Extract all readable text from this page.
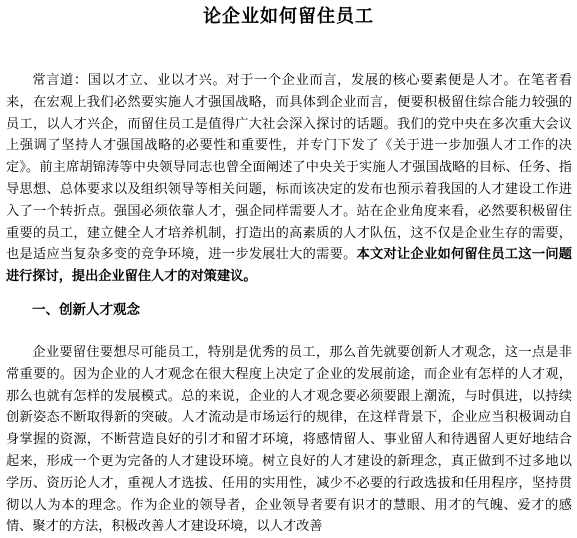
论企业如何留住员工

常言道：国以才立、业以才兴。对于一个企业而言，发展的核心要素便是人才。在笔者看来，在宏观上我们必然要实施人才强国战略，而具体到企业而言，便要积极留住综合能力较强的员工，以人才兴企，而留住员工是值得广大社会深入探讨的话题。我们的党中央在多次重大会议上强调了坚持人才强国战略的必要性和重要性，并专门下发了《关于进一步加强人才工作的决定》。前主席胡锦涛等中央领导同志也曾全面阐述了中央关于实施人才强国战略的目标、任务、指导思想、总体要求以及组织领导等相关问题，标而该决定的发布也预示着我国的人才建设工作进入了一个转折点。强国必须依靠人才，强企同样需要人才。站在企业角度来看，必然要积极留住重要的员工，建立健全人才培养机制，打造出的高素质的人才队伍，这不仅是企业生存的需要，也是适应当复杂多变的竞争环境，进一步发展壮大的需要。本文对让企业如何留住员工这一问题进行探讨，提出企业留住人才的对策建议。

一、创新人才观念

企业要留住要想尽可能员工，特别是优秀的员工，那么首先就要创新人才观念，这一点是非常重要的。因为企业的人才观念在很大程度上决定了企业的发展前途，而企业有怎样的人才观，那么也就有怎样的发展模式。总的来说，企业的人才观念要必须要跟上潮流，与时俱进，以持续创新姿态不断取得新的突破。人才流动是市场运行的规律，在这样背景下，企业应当积极调动自身掌握的资源，不断营造良好的引才和留才环境，将感情留人、事业留人和待遇留人更好地结合起来，形成一个更为完备的人才建设环境。树立良好的人才建设的新理念，真正做到不过多地以学历、资历论人才，重视人才选拔、任用的实用性，减少不必要的行政选拔和任用程序，坚持贯彻以人为本的理念。作为企业的领导者，企业领导者要有识才的慧眼、用才的气魄、爱才的感情、聚才的方法，积极改善人才建设环境，以人才改善
